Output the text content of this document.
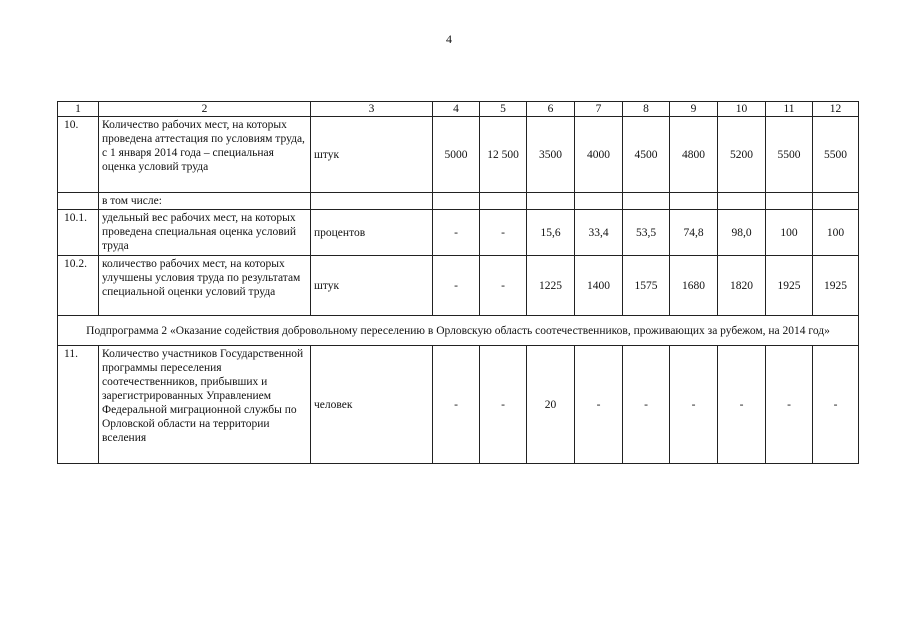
4
1	2	3	4	5	6	7	8	9	10	11	12
10.	Количество рабочих мест, на которых проведена аттестация по условиям труда, с 1 января 2014 года – специальная оценка условий труда	штук	5000	12 500	3500	4000	4500	4800	5200	5500	5500
	в том числе:										
10.1.	удельный вес рабочих мест, на которых проведена специальная оценка условий труда	процентов	-	-	15,6	33,4	53,5	74,8	98,0	100	100
10.2.	количество рабочих мест, на которых улучшены условия труда по результатам специальной оценки условий труда	штук	-	-	1225	1400	1575	1680	1820	1925	1925
Подпрограмма 2 «Оказание содействия добровольному переселению в Орловскую область соотечественников, проживающих за рубежом, на 2014 год»											
11.	Количество участников Государственной программы переселения соотечественников, прибывших и зарегистрированных Управлением Федеральной миграционной службы по Орловской области на территории вселения	человек	-	-	20	-	-	-	-	-	-
